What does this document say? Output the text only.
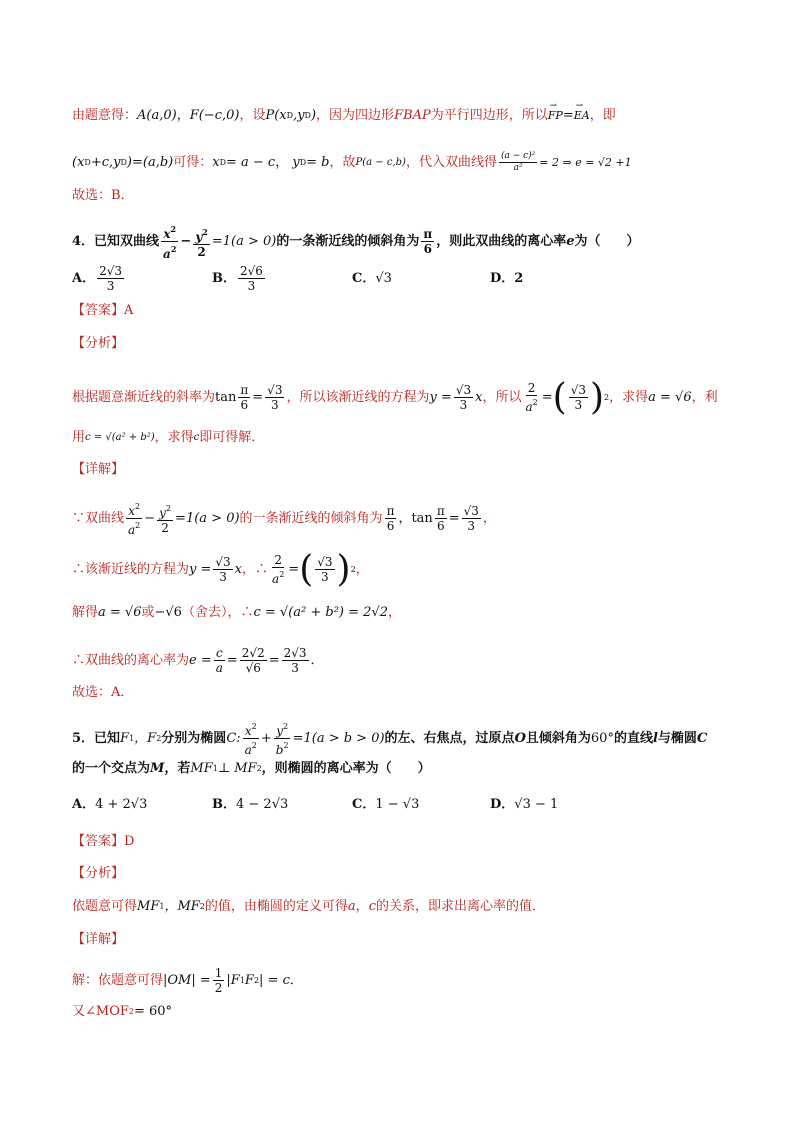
由题意得： A(a,0) ， F(−c,0) ，设 P(x D ,y D ) ，因为四边形 FBAP 为平行四边形，所以 ⇀ FP = ⇀ EA ，即
(x D +c,y D )=(a,b) 可得： x D = a − c ， y D = b ，故 P(a − c,b) ，代入双曲线得 $\frac{\text{(a − c)²}}{\text{a²}} = 2$ ⇒ e = √2 +1
故选：B．
4．已知双曲线 $\frac{x^2}{a^2} - \frac{y^2}{2} =1(a > 0)$ 的一条渐近线的倾斜角为 $\frac{\pi}{6}$ ，则此双曲线的离心率 e 为（　　）
A． $\frac{2√3}{3}$	B． $\frac{2√6}{3}$	C． √3	D． 2
【答案】 A
【分析】
根据题意渐近线的斜率为 $\tan \frac{\pi}{6} = \frac{√3}{3}$ ，所以该渐近线的方程为 $y = \frac{√3}{3}$ x ，所以 $\frac{2}{a^2}$ = ( $\frac{√3}{3}$ ) 2 ，求得 a = √6 ，利
用 c = √(a² + b²) ，求得 c 即可得解．
【详解】
∵双曲线 $\frac{x^2}{a^2} - \frac{y^2}{2} =1(a > 0)$ 的一条渐近线的倾斜角为 $\frac{\pi}{6}$ ，$\tan \frac{\pi}{6} = \frac{√3}{3}$ ，
∴该渐近线的方程为 $y = \frac{√3}{3}$ x ，∴ $\frac{2}{a^2}$ = ( $\frac{√3}{3}$ ) 2 ，
解得 a = √6 或 −√6 （舍去），∴ c = √(a² + b²) = 2√2 ，
∴双曲线的离心率为 $e = \frac{c}{a} = \frac{2√2}{√6} = \frac{2√3}{3}$ ．
故选：A．
5．已知 F 1 ，F 2 分别为椭圆 C: $\frac{x^2}{a^2} + \frac{y^2}{b^2} =1(a > b > 0)$ 的左、右焦点，过原点 O 且倾斜角为 60° 的直线 l 与椭圆 C
的一个交点为 M ，若 MF 1 ⊥ MF 2 ，则椭圆的离心率为（　　）
A． 4 + 2√3	B． 4 − 2√3	C． 1 − √3	D． √3 − 1
【答案】 D
【分析】
依题意可得 MF 1 ，MF 2 的值，由椭圆的定义可得 a ， c 的关系，即求出离心率的值．
【详解】
解：依题意可得 $|OM| = \frac{1}{2} |F$ 1 F 2 | = c ．
又∠MOF 2 = 60°
